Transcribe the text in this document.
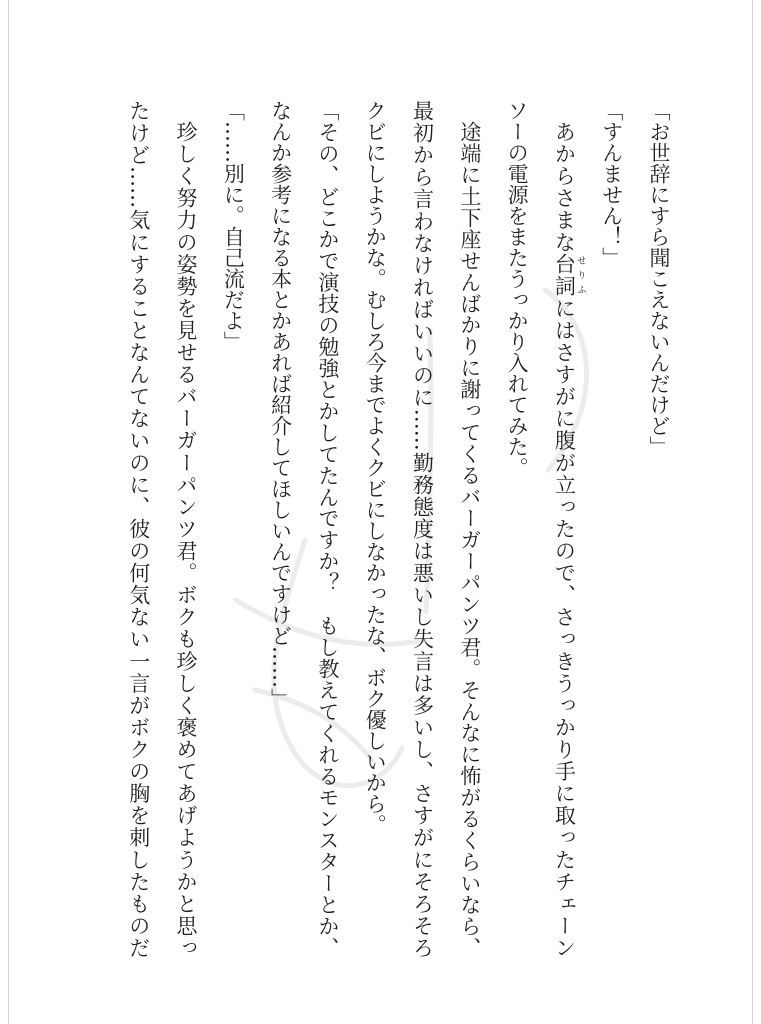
「お世辞にすら聞こえないんだけど」
「すんません！」
あからさまな台詞せりふにはさすがに腹が立ったので、さっきうっかり手に取ったチェーン
ソーの電源をまたうっかり入れてみた。
途端に土下座せんばかりに謝ってくるバーガーパンツ君。そんなに怖がるくらいなら、
最初から言わなければいいのに……勤務態度は悪いし失言は多いし、さすがにそろそろ
クビにしようかな。むしろ今までよくクビにしなかったな、ボク優しいから。
「その、どこかで演技の勉強とかしてたんですか？　もし教えてくれるモンスターとか、
なんか参考になる本とかあれば紹介してほしいんですけど……」
「……別に。自己流だよ」
珍しく努力の姿勢を見せるバーガーパンツ君。ボクも珍しく褒めてあげようかと思っ
たけど……気にすることなんてないのに、彼の何気ない一言がボクの胸を刺したものだ
